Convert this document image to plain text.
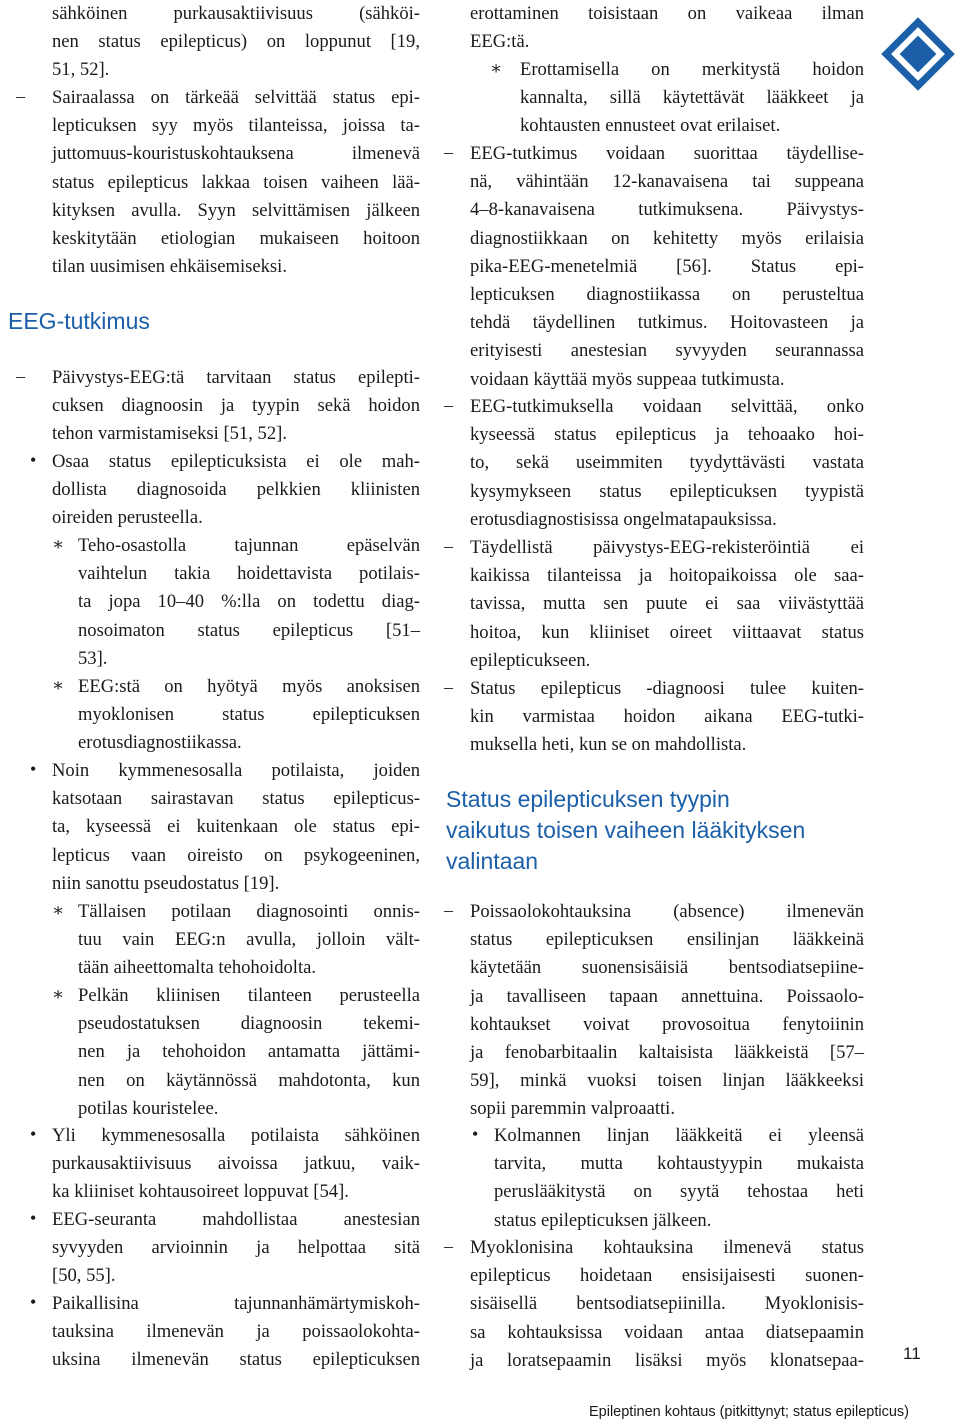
sähköinen purkausaktiivisuus (sähköi-
nen status epilepticus) on loppunut [19,
51, 52].
– Sairaalassa on tärkeää selvittää status epi-
lepticuksen syy myös tilanteissa, joissa ta-
juttomuus-kouristuskohtauksena ilmenevä
status epilepticus lakkaa toisen vaiheen lää-
kityksen avulla. Syyn selvittämisen jälkeen
keskitytään etiologian mukaiseen hoitoon
tilan uusimisen ehkäisemiseksi.
EEG-tutkimus
– Päivystys-EEG:tä tarvitaan status epilepti-
cuksen diagnoosin ja tyypin sekä hoidon
tehon varmistamiseksi [51, 52].
• Osaa status epilepticuksista ei ole mah-
dollista diagnosoida pelkkien kliinisten
oireiden perusteella.
∗ Teho-osastolla tajunnan epäselvän
vaihtelun takia hoidettavista potilais-
ta jopa 10–40 %:lla on todettu diag-
nosoimaton status epilepticus [51–
53].
∗ EEG:stä on hyötyä myös anoksisen
myoklonisen status epilepticuksen
erotusdiagnostiikassa.
• Noin kymmenesosalla potilaista, joiden
katsotaan sairastavan status epilepticus-
ta, kyseessä ei kuitenkaan ole status epi-
lepticus vaan oireisto on psykogeeninen,
niin sanottu pseudostatus [19].
∗ Tällaisen potilaan diagnosointi onnis-
tuu vain EEG:n avulla, jolloin vält-
tään aiheettomalta tehohoidolta.
∗ Pelkän kliinisen tilanteen perusteella
pseudostatuksen diagnoosin tekemi-
nen ja tehohoidon antamatta jättämi-
nen on käytännössä mahdotonta, kun
potilas kouristelee.
• Yli kymmenesosalla potilaista sähköinen
purkausaktiivisuus aivoissa jatkuu, vaik-
ka kliiniset kohtausoireet loppuvat [54].
• EEG-seuranta mahdollistaa anestesian
syvyyden arvioinnin ja helpottaa sitä
[50, 55].
• Paikallisina tajunnanhämärtymiskoh-
tauksina ilmenevän ja poissaolokohta-
uksina ilmenevän status epilepticuksen
erottaminen toisistaan on vaikeaa ilman
EEG:tä.
∗ Erottamisella on merkitystä hoidon
kannalta, sillä käytettävät lääkkeet ja
kohtausten ennusteet ovat erilaiset.
– EEG-tutkimus voidaan suorittaa täydellise-
nä, vähintään 12-kanavaisena tai suppeana
4–8-kanavaisena tutkimuksena. Päivystys-
diagnostiikkaan on kehitetty myös erilaisia
pika-EEG-menetelmiä [56]. Status epi-
lepticuksen diagnostiikassa on perusteltua
tehdä täydellinen tutkimus. Hoitovasteen ja
erityisesti anestesian syvyyden seurannassa
voidaan käyttää myös suppeaa tutkimusta.
– EEG-tutkimuksella voidaan selvittää, onko
kyseessä status epilepticus ja tehoaako hoi-
to, sekä useimmiten tyydyttävästi vastata
kysymykseen status epilepticuksen tyypistä
erotusdiagnostisissa ongelmatapauksissa.
– Täydellistä päivystys-EEG-rekisteröintiä ei
kaikissa tilanteissa ja hoitopaikoissa ole saa-
tavissa, mutta sen puute ei saa viivästyttää
hoitoa, kun kliiniset oireet viittaavat status
epilepticukseen.
– Status epilepticus -diagnoosi tulee kuiten-
kin varmistaa hoidon aikana EEG-tutki-
muksella heti, kun se on mahdollista.
Status epilepticuksen tyypin
vaikutus toisen vaiheen lääkityksen
valintaan
– Poissaolokohtauksina (absence) ilmenevän
status epilepticuksen ensilinjan lääkkeinä
käytetään suonensisäisiä bentsodiatsepiine-
ja tavalliseen tapaan annettuina. Poissaolo-
kohtaukset voivat provosoitua fenytoiinin
ja fenobarbitaalin kaltaisista lääkkeistä [57–
59], minkä vuoksi toisen linjan lääkkeeksi
sopii paremmin valproaatti.
• Kolmannen linjan lääkkeitä ei yleensä
tarvita, mutta kohtaustyypin mukaista
peruslääkitystä on syytä tehostaa heti
status epilepticuksen jälkeen.
– Myoklonisina kohtauksina ilmenevä status
epilepticus hoidetaan ensisijaisesti suonen-
sisäisellä bentsodiatsepiinilla. Myoklonisis-
sa kohtauksissa voidaan antaa diatsepaamin
ja loratsepaamin lisäksi myös klonatsepaa- 11
Epileptinen kohtaus (pitkittynyt; status epilepticus)
